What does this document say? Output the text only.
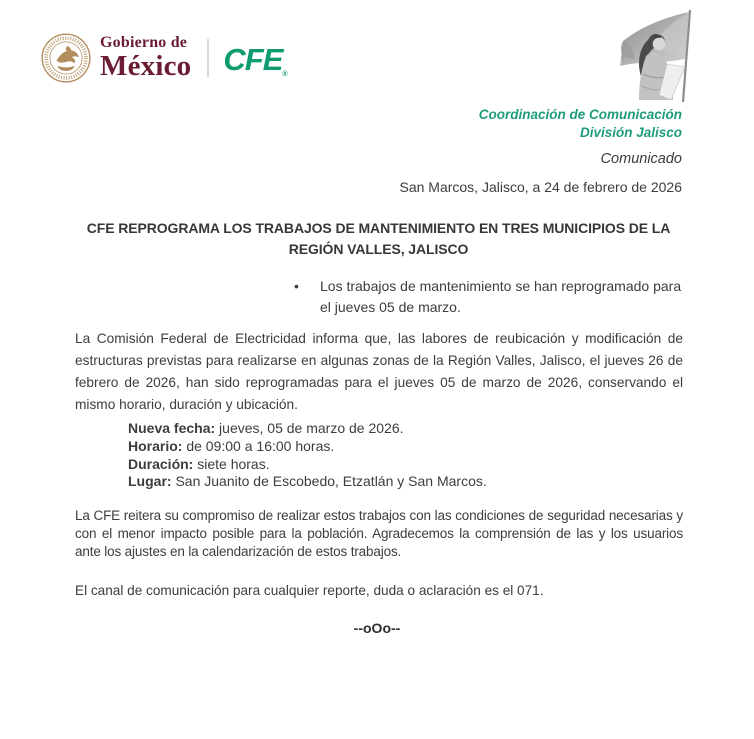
Gobierno de
México CFE®
Coordinación de Comunicación
División Jalisco
Comunicado
San Marcos, Jalisco, a 24 de febrero de 2026
CFE REPROGRAMA LOS TRABAJOS DE MANTENIMIENTO EN TRES MUNICIPIOS DE LA REGIÓN VALLES, JALISCO
•	Los trabajos de mantenimiento se han reprogramado para el jueves 05 de marzo.

La Comisión Federal de Electricidad informa que, las labores de reubicación y modificación de estructuras previstas para realizarse en algunas zonas de la Región Valles, Jalisco, el jueves 26 de febrero de 2026, han sido reprogramadas para el jueves 05 de marzo de 2026, conservando el mismo horario, duración y ubicación.

Nueva fecha: jueves, 05 de marzo de 2026.
Horario: de 09:00 a 16:00 horas.
Duración: siete horas.
Lugar: San Juanito de Escobedo, Etzatlán y San Marcos.

La CFE reitera su compromiso de realizar estos trabajos con las condiciones de seguridad necesarias y con el menor impacto posible para la población. Agradecemos la comprensión de las y los usuarios ante los ajustes en la calendarización de estos trabajos.

El canal de comunicación para cualquier reporte, duda o aclaración es el 071.

--oOo--
